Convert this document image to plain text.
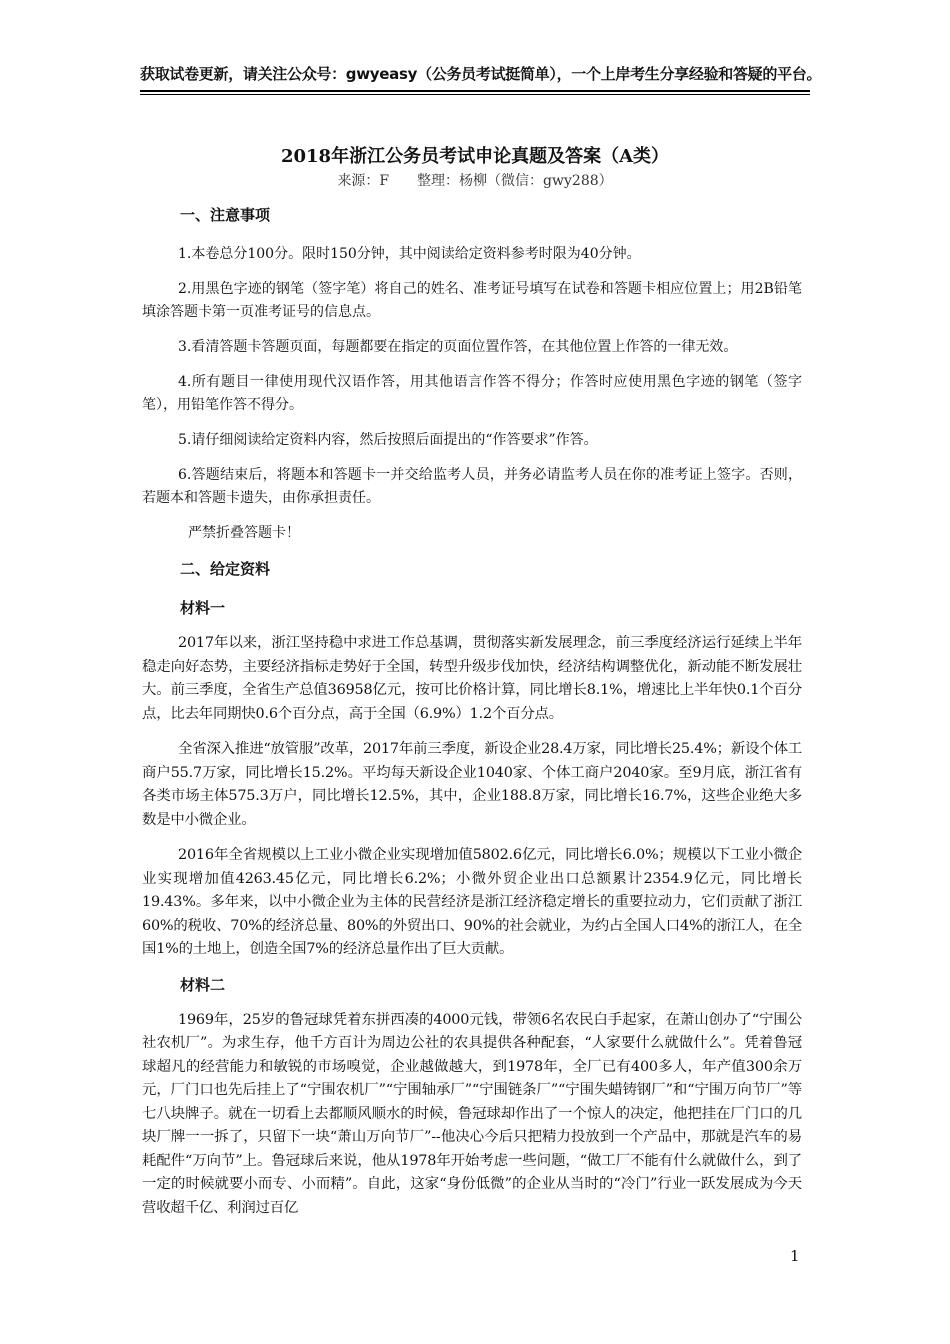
获取试卷更新，请关注公众号：gwyeasy（公务员考试挺简单），一个上岸考生分享经验和答疑的平台。
2018年浙江公务员考试申论真题及答案（A类）
来源：F　　整理：杨柳（微信：gwy288）

一、注意事项

1.本卷总分100分。限时150分钟，其中阅读给定资料参考时限为40分钟。

2.用黑色字迹的钢笔（签字笔）将自己的姓名、准考证号填写在试卷和答题卡相应位置上；用2B铅笔填涂答题卡第一页准考证号的信息点。

3.看清答题卡答题页面，每题都要在指定的页面位置作答，在其他位置上作答的一律无效。

4.所有题目一律使用现代汉语作答，用其他语言作答不得分；作答时应使用黑色字迹的钢笔（签字笔），用铅笔作答不得分。

5.请仔细阅读给定资料内容，然后按照后面提出的“作答要求”作答。

6.答题结束后，将题本和答题卡一并交给监考人员，并务必请监考人员在你的准考证上签字。否则，若题本和答题卡遗失，由你承担责任。

严禁折叠答题卡！

二、给定资料

材料一

2017年以来，浙江坚持稳中求进工作总基调，贯彻落实新发展理念，前三季度经济运行延续上半年稳走向好态势，主要经济指标走势好于全国，转型升级步伐加快，经济结构调整优化，新动能不断发展壮大。前三季度，全省生产总值36958亿元，按可比价格计算，同比增长8.1%，增速比上半年快0.1个百分点，比去年同期快0.6个百分点，高于全国（6.9%）1.2个百分点。

全省深入推进“放管服”改革，2017年前三季度，新设企业28.4万家，同比增长25.4%；新设个体工商户55.7万家，同比增长15.2%。平均每天新设企业1040家、个体工商户2040家。至9月底，浙江省有各类市场主体575.3万户，同比增长12.5%，其中，企业188.8万家，同比增长16.7%，这些企业绝大多数是中小微企业。

2016年全省规模以上工业小微企业实现增加值5802.6亿元，同比增长6.0%；规模以下工业小微企业实现增加值4263.45亿元，同比增长6.2%；小微外贸企业出口总额累计2354.9亿元，同比增长19.43%。多年来，以中小微企业为主体的民营经济是浙江经济稳定增长的重要拉动力，它们贡献了浙江60%的税收、70%的经济总量、80%的外贸出口、90%的社会就业，为约占全国人口4%的浙江人，在全国1%的土地上，创造全国7%的经济总量作出了巨大贡献。

材料二

1969年，25岁的鲁冠球凭着东拼西凑的4000元钱，带领6名农民白手起家，在萧山创办了“宁围公社农机厂”。为求生存，他千方百计为周边公社的农具提供各种配套，“人家要什么就做什么”。凭着鲁冠球超凡的经营能力和敏锐的市场嗅觉，企业越做越大，到1978年，全厂已有400多人，年产值300余万元，厂门口也先后挂上了“宁围农机厂”“宁围轴承厂”“宁围链条厂”“宁围失蜡铸钢厂”和“宁围万向节厂”等七八块牌子。就在一切看上去都顺风顺水的时候，鲁冠球却作出了一个惊人的决定，他把挂在厂门口的几块厂牌一一拆了，只留下一块“萧山万向节厂”--他决心今后只把精力投放到一个产品中，那就是汽车的易耗配件“万向节”上。鲁冠球后来说，他从1978年开始考虑一些问题，“做工厂不能有什么就做什么，到了一定的时候就要小而专、小而精”。自此，这家“身份低微”的企业从当时的“冷门”行业一跃发展成为今天营收超千亿、利润过百亿

1
